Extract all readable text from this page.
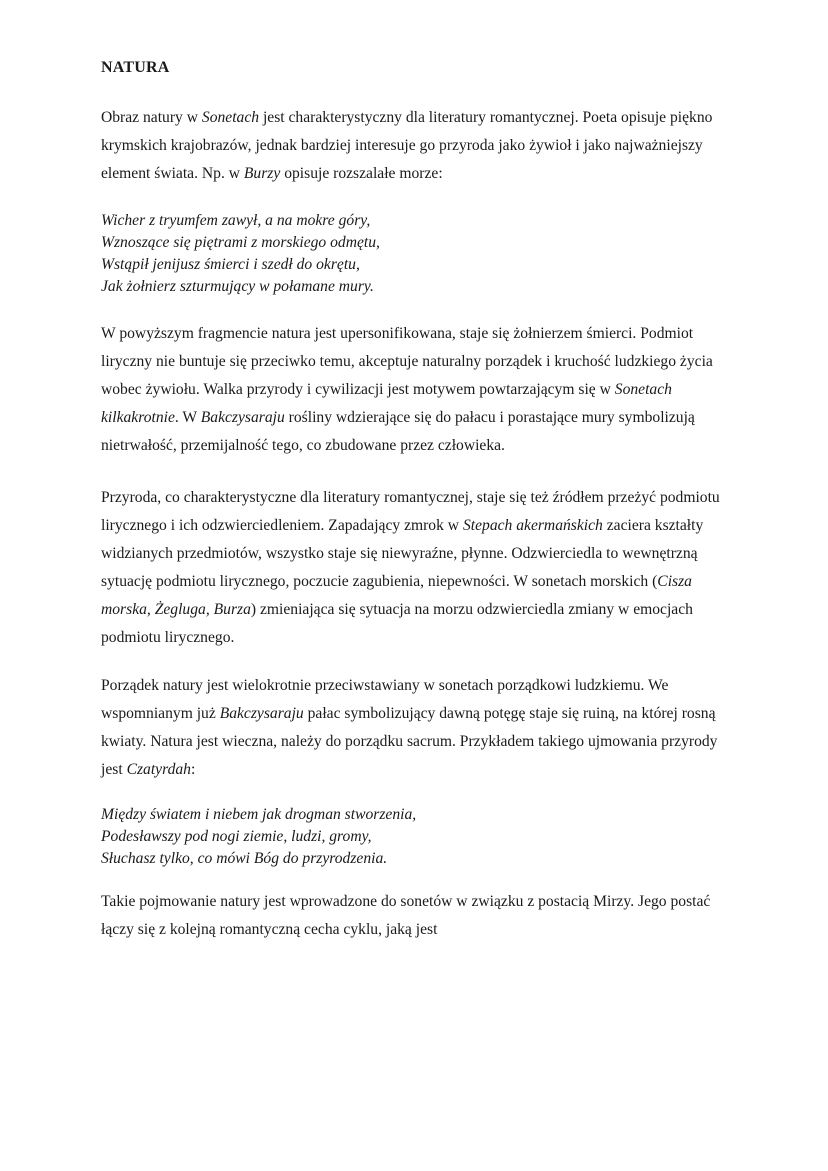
NATURA

Obraz natury w Sonetach jest charakterystyczny dla literatury romantycznej. Poeta opisuje piękno krymskich krajobrazów, jednak bardziej interesuje go przyroda jako żywioł i jako najważniejszy element świata. Np. w Burzy opisuje rozszalałe morze:

Wicher z tryumfem zawył, a na mokre góry,
Wznoszące się piętrami z morskiego odmętu,
Wstąpił jenijusz śmierci i szedł do okrętu,
Jak żołnierz szturmujący w połamane mury.

W powyższym fragmencie natura jest upersonifikowana, staje się żołnierzem śmierci. Podmiot liryczny nie buntuje się przeciwko temu, akceptuje naturalny porządek i kruchość ludzkiego życia wobec żywiołu. Walka przyrody i cywilizacji jest motywem powtarzającym się w Sonetach kilkakrotnie. W Bakczysaraju rośliny wdzierające się do pałacu i porastające mury symbolizują nietrwałość, przemijalność tego, co zbudowane przez człowieka.

Przyroda, co charakterystyczne dla literatury romantycznej, staje się też źródłem przeżyć podmiotu lirycznego i ich odzwierciedleniem. Zapadający zmrok w Stepach akermańskich zaciera kształty widzianych przedmiotów, wszystko staje się niewyraźne, płynne. Odzwierciedla to wewnętrzną sytuację podmiotu lirycznego, poczucie zagubienia, niepewności. W sonetach morskich (Cisza morska, Żegluga, Burza) zmieniająca się sytuacja na morzu odzwierciedla zmiany w emocjach podmiotu lirycznego.

Porządek natury jest wielokrotnie przeciwstawiany w sonetach porządkowi ludzkiemu. We wspomnianym już Bakczysaraju pałac symbolizujący dawną potęgę staje się ruiną, na której rosną kwiaty. Natura jest wieczna, należy do porządku sacrum. Przykładem takiego ujmowania przyrody jest Czatyrdah:

Między światem i niebem jak drogman stworzenia,
Podesławszy pod nogi ziemie, ludzi, gromy,
Słuchasz tylko, co mówi Bóg do przyrodzenia.

Takie pojmowanie natury jest wprowadzone do sonetów w związku z postacią Mirzy. Jego postać łączy się z kolejną romantyczną cecha cyklu, jaką jest
